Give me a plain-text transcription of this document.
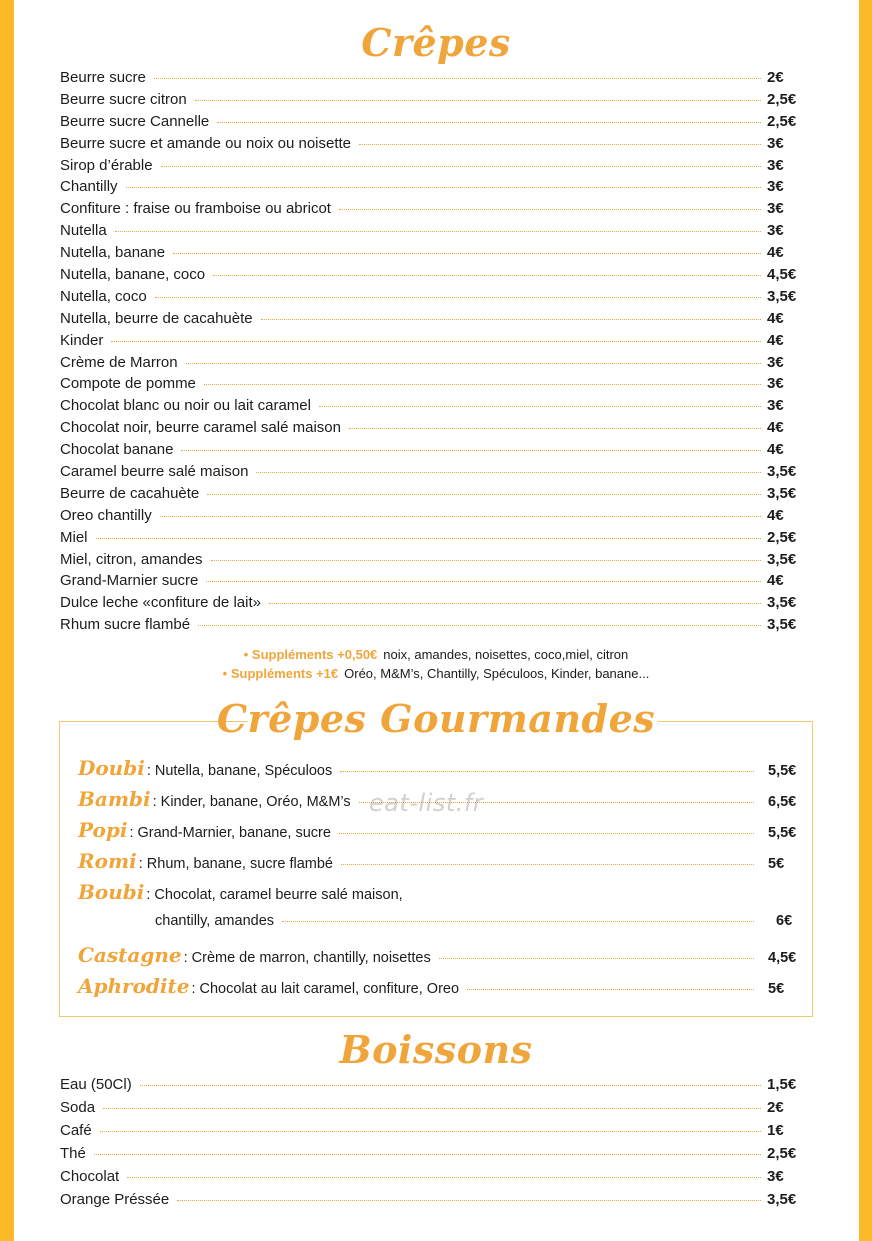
Crêpes
Beurre sucre	2€
Beurre sucre citron	2,5€
Beurre sucre Cannelle	2,5€
Beurre sucre et amande ou noix ou noisette	3€
Sirop d’érable	3€
Chantilly	3€
Confiture : fraise ou framboise ou abricot	3€
Nutella	3€
Nutella, banane	4€
Nutella, banane, coco	4,5€
Nutella, coco	3,5€
Nutella, beurre de cacahuète	4€
Kinder	4€
Crème de Marron	3€
Compote de pomme	3€
Chocolat blanc ou noir ou lait caramel	3€
Chocolat noir, beurre caramel salé maison	4€
Chocolat banane	4€
Caramel beurre salé maison	3,5€
Beurre de cacahuète	3,5€
Oreo chantilly	4€
Miel	2,5€
Miel, citron, amandes	3,5€
Grand-Marnier sucre	4€
Dulce leche «confiture de lait»	3,5€
Rhum sucre flambé	3,5€
• Suppléments +0,50€ noix, amandes, noisettes, coco,miel, citron
• Suppléments +1€ Oréo, M&M’s, Chantilly, Spéculoos, Kinder, banane...
Crêpes Gourmandes
Doubi : Nutella, banane, Spéculoos	5,5€
Bambi : Kinder, banane, Oréo, M&M’s	6,5€
Popi : Grand-Marnier, banane, sucre	5,5€
Romi : Rhum, banane, sucre flambé	5€
Boubi : Chocolat, caramel beurre salé maison,
chantilly, amandes	6€
Castagne : Crème de marron, chantilly, noisettes	4,5€
Aphrodite : Chocolat au lait caramel, confiture, Oreo	5€
eat-list.fr
Boissons
Eau (50Cl)	1,5€
Soda	2€
Café	1€
Thé	2,5€
Chocolat	3€
Orange Préssée	3,5€
